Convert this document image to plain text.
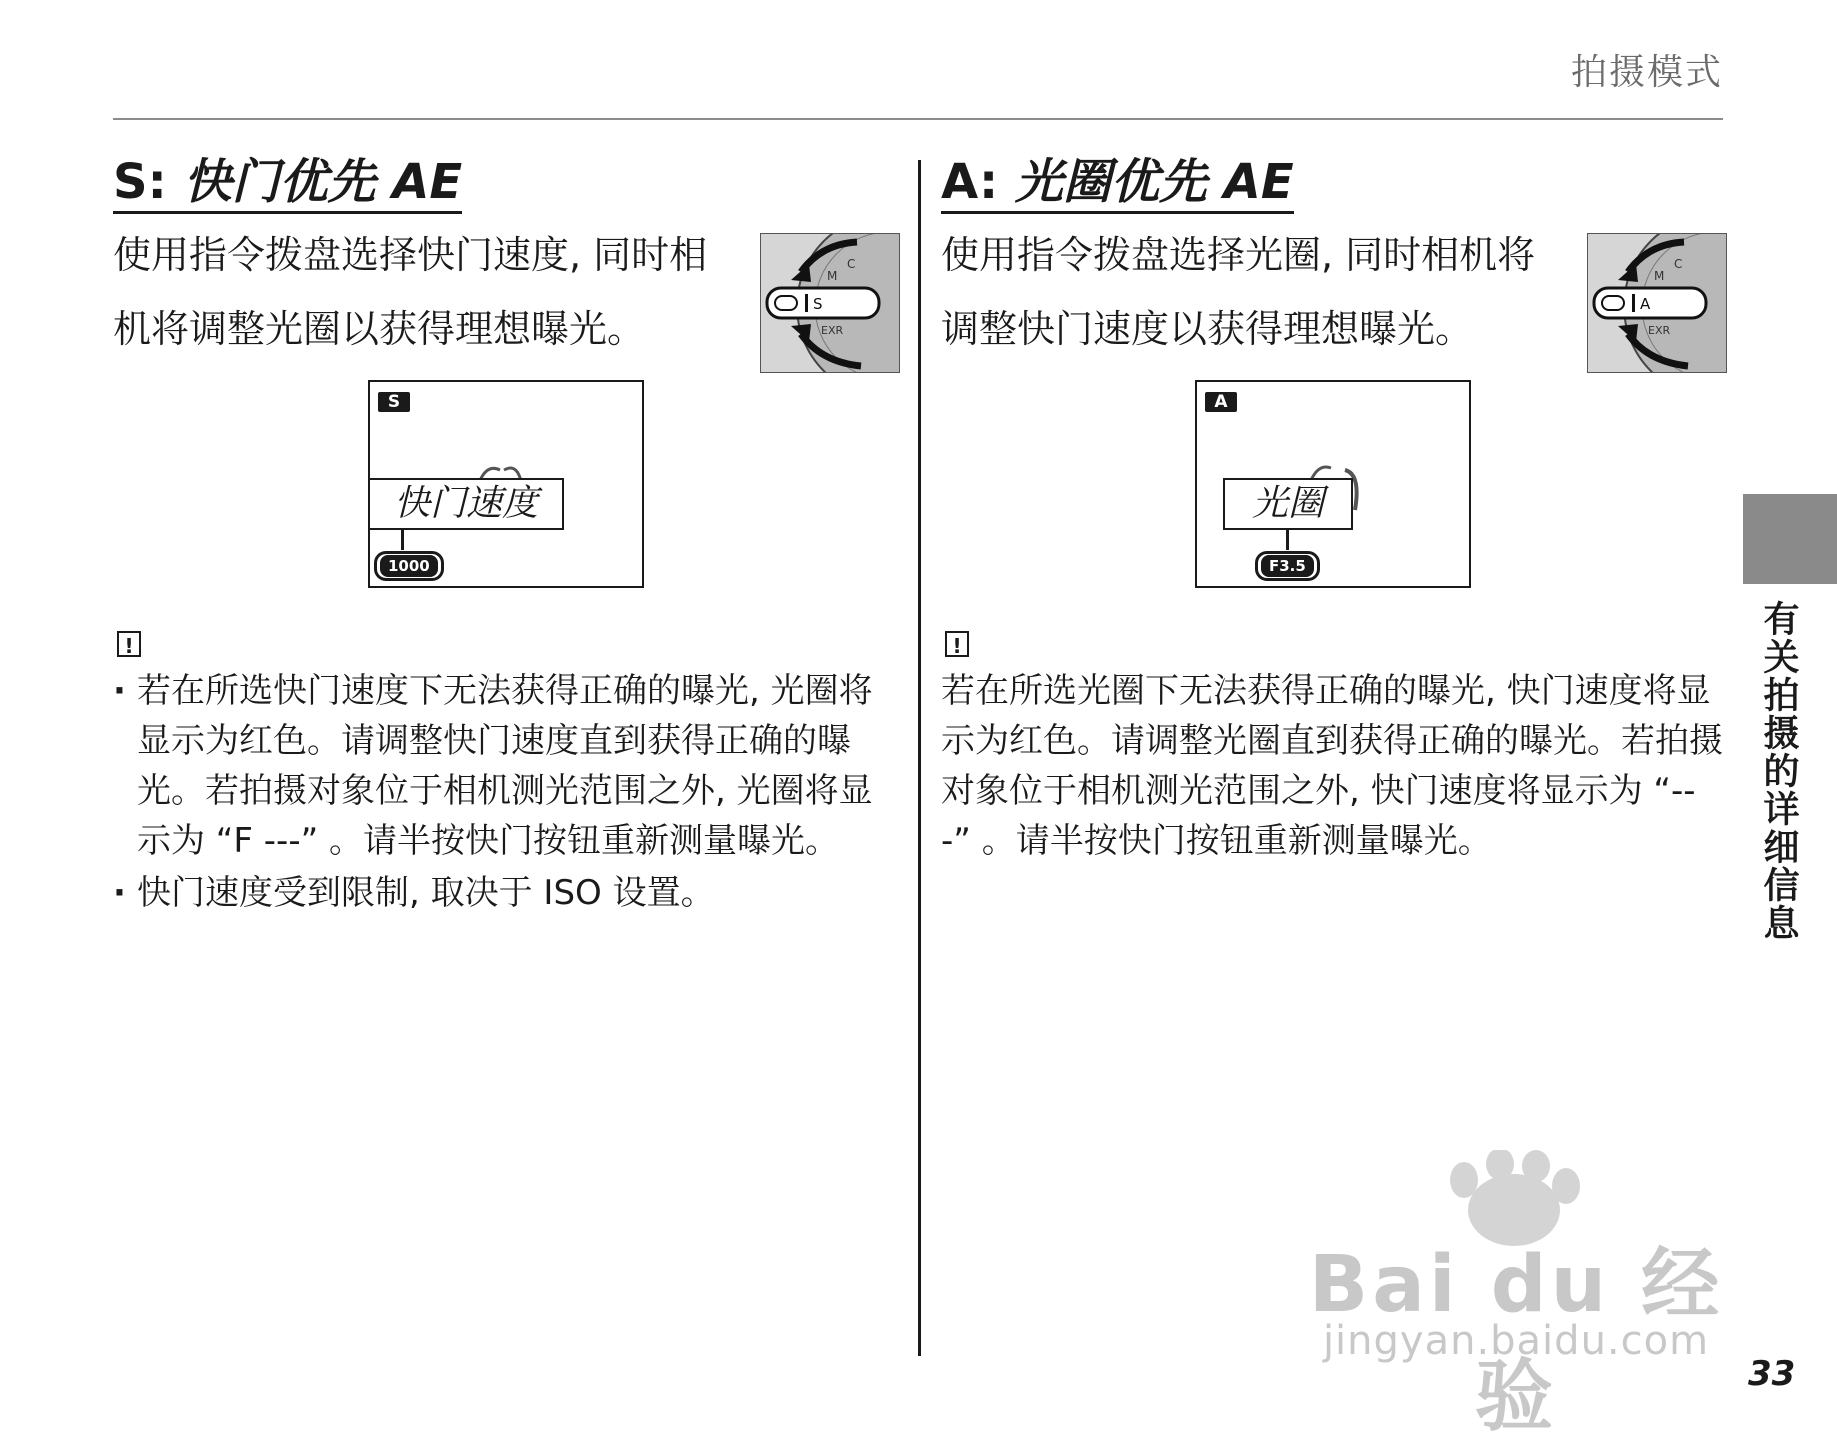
拍摄模式
S: 快门优先 AE

使用指令拨盘选择快门速度, 同时相机将调整光圈以获得理想曝光。

C
M
EXR
S
S
快门速度
1000
!
· 若在所选快门速度下无法获得正确的曝光, 光圈将显示为红色。请调整快门速度直到获得正确的曝光。若拍摄对象位于相机测光范围之外, 光圈将显示为 “F ---” 。请半按快门按钮重新测量曝光。
· 快门速度受到限制, 取决于 ISO 设置。
A: 光圈优先 AE

使用指令拨盘选择光圈, 同时相机将调整快门速度以获得理想曝光。

C
M
EXR
A
A
光圈
F3.5
!

若在所选光圈下无法获得正确的曝光, 快门速度将显示为红色。请调整光圈直到获得正确的曝光。若拍摄对象位于相机测光范围之外, 快门速度将显示为 “---” 。请半按快门按钮重新测量曝光。	有关拍摄的详细信息
33
Bai du 经验
jingyan.baidu.com
